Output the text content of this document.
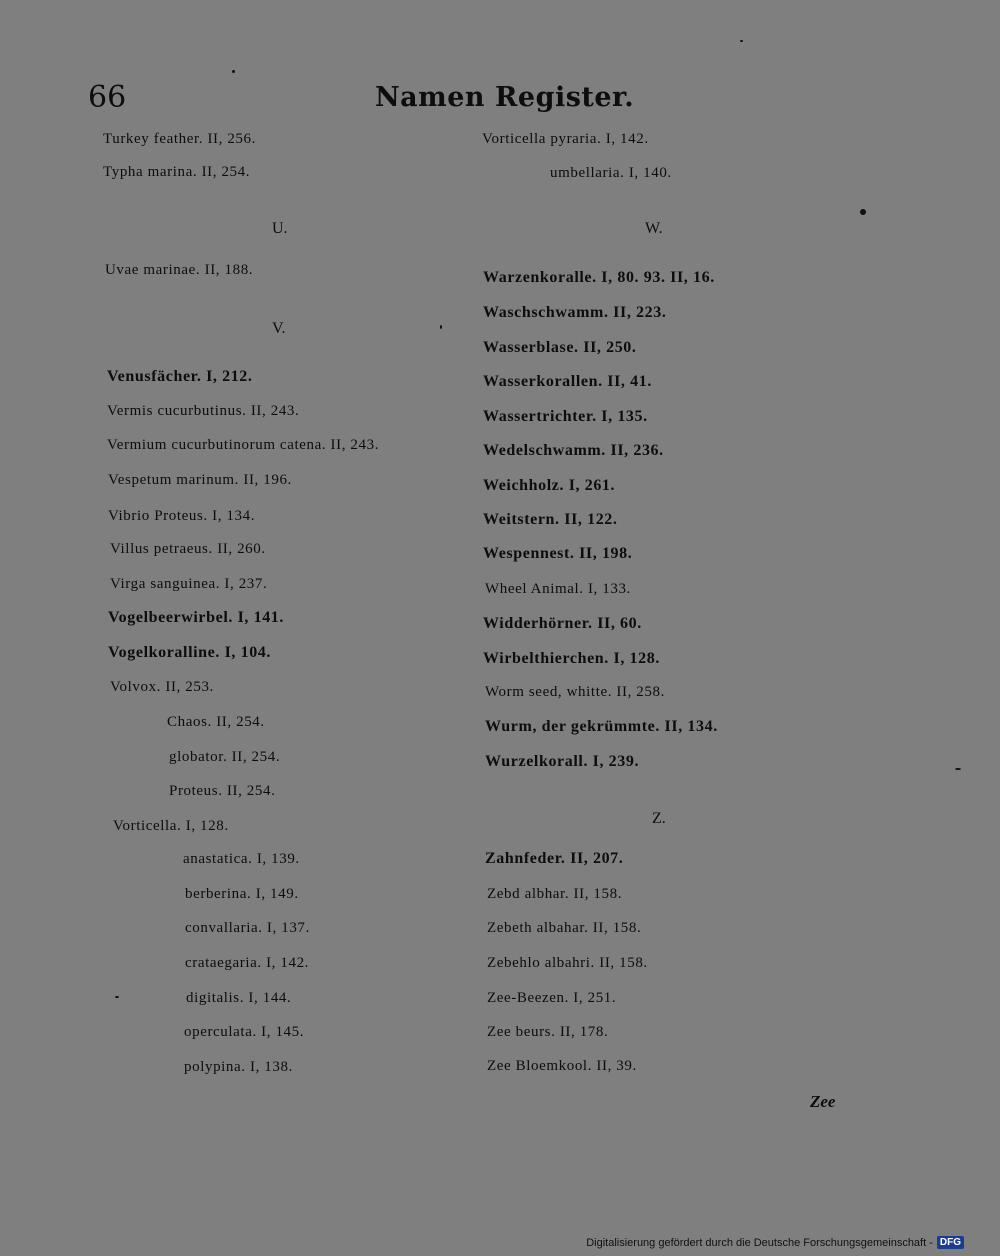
66	Namen Register.
Turkey feather. II, 256.
Typha marina. II, 254.
U.
Uvae marinae. II, 188.
V.
Venusfächer. I, 212.
Vermis cucurbutinus. II, 243.
Vermium cucurbutinorum catena. II, 243.
Vespetum marinum. II, 196.
Vibrio Proteus. I, 134.
Villus petraeus. II, 260.
Virga sanguinea. I, 237.
Vogelbeerwirbel. I, 141.
Vogelkoralline. I, 104.
Volvox. II, 253.
Chaos. II, 254.
globator. II, 254.
Proteus. II, 254.
Vorticella. I, 128.
anastatica. I, 139.
berberina. I, 149.
convallaria. I, 137.
crataegaria. I, 142.
digitalis. I, 144.
operculata. I, 145.
polypina. I, 138.
Vorticella pyraria. I, 142.
umbellaria. I, 140.
W.
Warzenkoralle. I, 80. 93. II, 16.
Waschschwamm. II, 223.
Wasserblase. II, 250.
Wasserkorallen. II, 41.
Wassertrichter. I, 135.
Wedelschwamm. II, 236.
Weichholz. I, 261.
Weitstern. II, 122.
Wespennest. II, 198.
Wheel Animal. I, 133.
Widderhörner. II, 60.
Wirbelthierchen. I, 128.
Worm seed, whitte. II, 258.
Wurm, der gekrümmte. II, 134.
Wurzelkorall. I, 239.
Z.
Zahnfeder. II, 207.
Zebd albhar. II, 158.
Zebeth albahar. II, 158.
Zebehlo albahri. II, 158.
Zee-Beezen. I, 251.
Zee beurs. II, 178.
Zee Bloemkool. II, 39.
Zee
Digitalisierung gefördert durch die Deutsche Forschungsgemeinschaft - DFG
